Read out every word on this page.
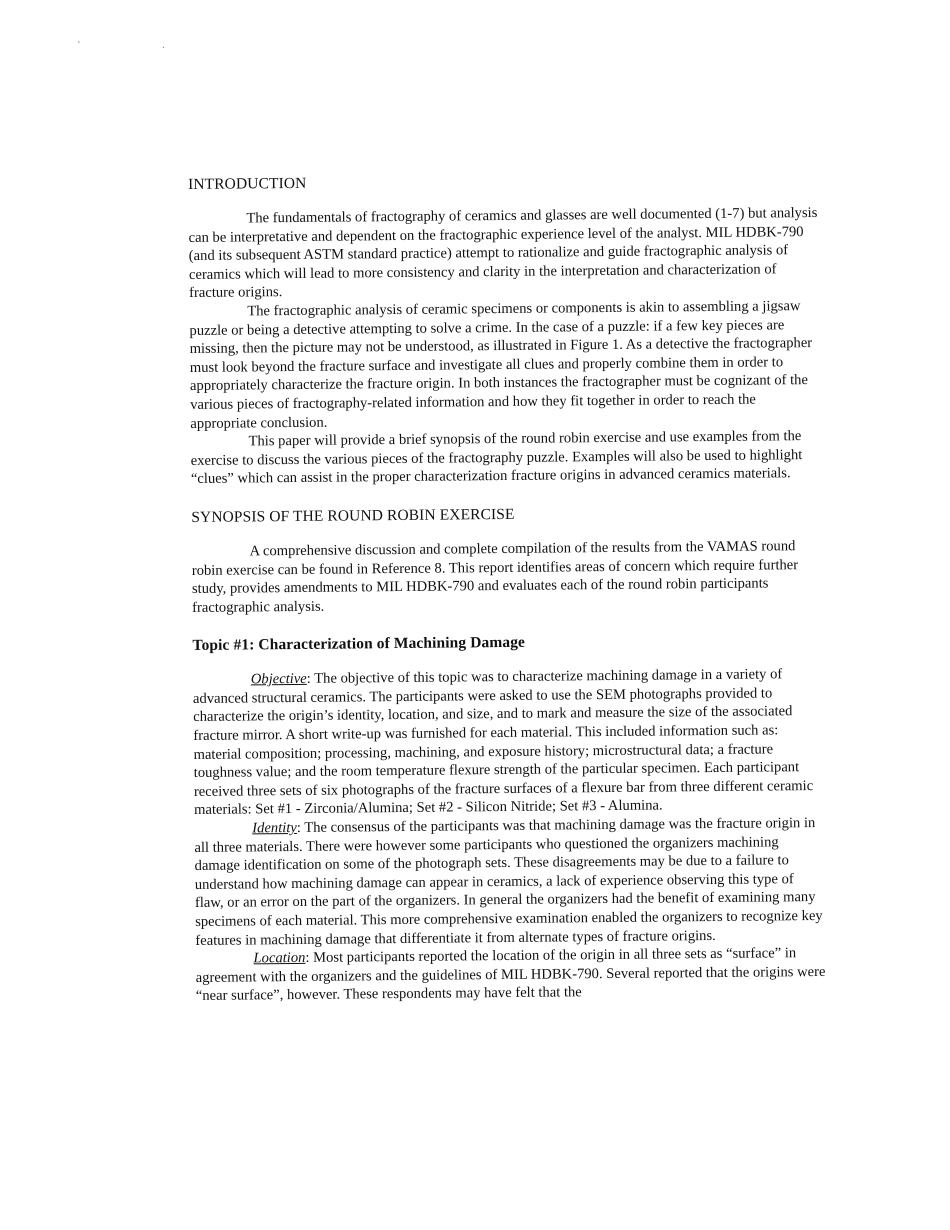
' .
INTRODUCTION

The fundamentals of fractography of ceramics and glasses are well documented (1-7) but analysis can be interpretative and dependent on the fractographic experience level of the analyst. MIL HDBK-790 (and its subsequent ASTM standard practice) attempt to rationalize and guide fractographic analysis of ceramics which will lead to more consistency and clarity in the interpretation and characterization of fracture origins.

The fractographic analysis of ceramic specimens or components is akin to assembling a jigsaw puzzle or being a detective attempting to solve a crime. In the case of a puzzle: if a few key pieces are missing, then the picture may not be understood, as illustrated in Figure 1. As a detective the fractographer must look beyond the fracture surface and investigate all clues and properly combine them in order to appropriately characterize the fracture origin. In both instances the fractographer must be cognizant of the various pieces of fractography-related information and how they fit together in order to reach the appropriate conclusion.

This paper will provide a brief synopsis of the round robin exercise and use examples from the exercise to discuss the various pieces of the fractography puzzle. Examples will also be used to highlight “clues” which can assist in the proper characterization fracture origins in advanced ceramics materials.

SYNOPSIS OF THE ROUND ROBIN EXERCISE

A comprehensive discussion and complete compilation of the results from the VAMAS round robin exercise can be found in Reference 8. This report identifies areas of concern which require further study, provides amendments to MIL HDBK-790 and evaluates each of the round robin participants fractographic analysis.

Topic #1: Characterization of Machining Damage

Objective: The objective of this topic was to characterize machining damage in a variety of advanced structural ceramics. The participants were asked to use the SEM photographs provided to characterize the origin’s identity, location, and size, and to mark and measure the size of the associated fracture mirror. A short write-up was furnished for each material. This included information such as: material composition; processing, machining, and exposure history; microstructural data; a fracture toughness value; and the room temperature flexure strength of the particular specimen. Each participant received three sets of six photographs of the fracture surfaces of a flexure bar from three different ceramic materials: Set #1 - Zirconia/Alumina; Set #2 - Silicon Nitride; Set #3 - Alumina.

Identity: The consensus of the participants was that machining damage was the fracture origin in all three materials. There were however some participants who questioned the organizers machining damage identification on some of the photograph sets. These disagreements may be due to a failure to understand how machining damage can appear in ceramics, a lack of experience observing this type of flaw, or an error on the part of the organizers. In general the organizers had the benefit of examining many specimens of each material. This more comprehensive examination enabled the organizers to recognize key features in machining damage that differentiate it from alternate types of fracture origins.

Location: Most participants reported the location of the origin in all three sets as “surface” in agreement with the organizers and the guidelines of MIL HDBK-790. Several reported that the origins were “near surface”, however. These respondents may have felt that the
